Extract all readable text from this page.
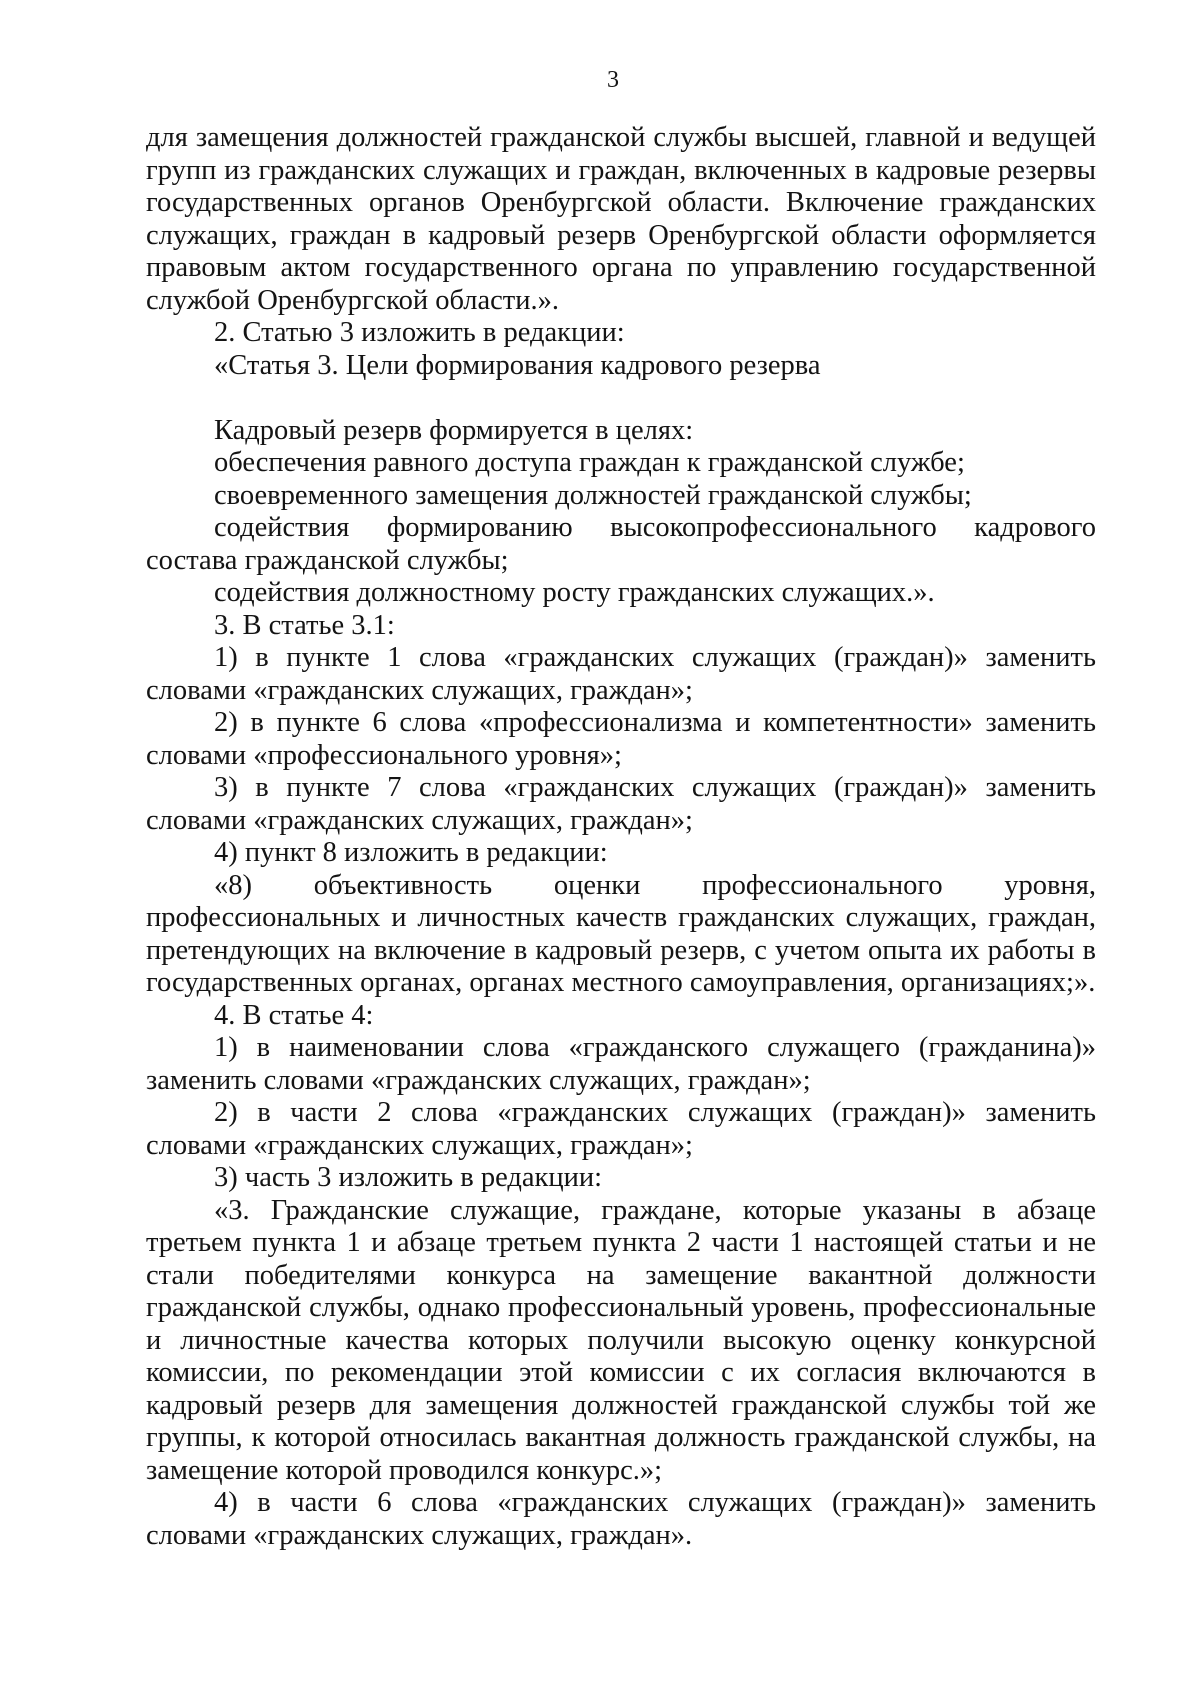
3

для замещения должностей гражданской службы высшей, главной и ведущей групп из гражданских служащих и граждан, включенных в кадровые резервы государственных органов Оренбургской области. Включение гражданских служащих, граждан в кадровый резерв Оренбургской области оформляется правовым актом государственного органа по управлению государственной службой Оренбургской области.».

2. Статью 3 изложить в редакции:

«Статья 3. Цели формирования кадрового резерва

Кадровый резерв формируется в целях:

обеспечения равного доступа граждан к гражданской службе;

своевременного замещения должностей гражданской службы;

содействия формированию высокопрофессионального кадрового состава гражданской службы;

содействия должностному росту гражданских служащих.».

3. В статье 3.1:

1) в пункте 1 слова «гражданских служащих (граждан)» заменить словами «гражданских служащих, граждан»;

2) в пункте 6 слова «профессионализма и компетентности» заменить словами «профессионального уровня»;

3) в пункте 7 слова «гражданских служащих (граждан)» заменить словами «гражданских служащих, граждан»;

4) пункт 8 изложить в редакции:

«8) объективность оценки профессионального уровня, профессиональных и личностных качеств гражданских служащих, граждан, претендующих на включение в кадровый резерв, с учетом опыта их работы в государственных органах, органах местного самоуправления, организациях;».

4. В статье 4:

1) в наименовании слова «гражданского служащего (гражданина)» заменить словами «гражданских служащих, граждан»;

2) в части 2 слова «гражданских служащих (граждан)» заменить словами «гражданских служащих, граждан»;

3) часть 3 изложить в редакции:

«3. Гражданские служащие, граждане, которые указаны в абзаце третьем пункта 1 и абзаце третьем пункта 2 части 1 настоящей статьи и не стали победителями конкурса на замещение вакантной должности гражданской службы, однако профессиональный уровень, профессиональные и личностные качества которых получили высокую оценку конкурсной комиссии, по рекомендации этой комиссии с их согласия включаются в кадровый резерв для замещения должностей гражданской службы той же группы, к которой относилась вакантная должность гражданской службы, на замещение которой проводился конкурс.»;

4) в части 6 слова «гражданских служащих (граждан)» заменить словами «гражданских служащих, граждан».
